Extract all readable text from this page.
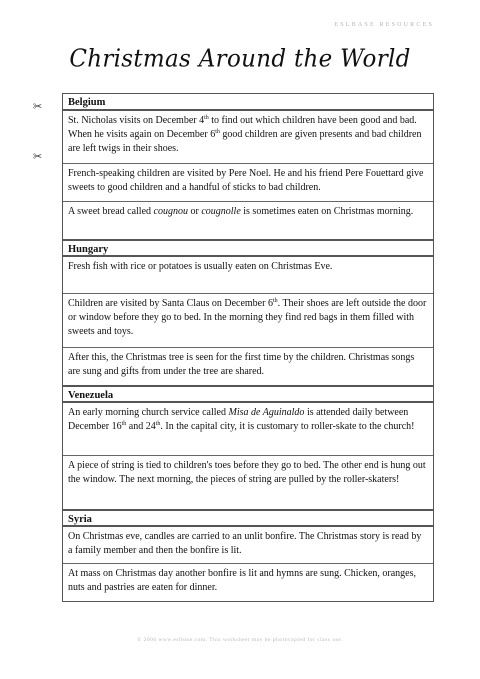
ESLBASE RESOURCES
Christmas Around the World
✂
✂
Belgium
St. Nicholas visits on December 4th to find out which children have been good and bad. When he visits again on December 6th good children are given presents and bad children are left twigs in their shoes.
French-speaking children are visited by Pere Noel. He and his friend Pere Fouettard give sweets to good children and a handful of sticks to bad children.
A sweet bread called cougnou or cougnolle is sometimes eaten on Christmas morning.
Hungary
Fresh fish with rice or potatoes is usually eaten on Christmas Eve.
Children are visited by Santa Claus on December 6th. Their shoes are left outside the door or window before they go to bed. In the morning they find red bags in them filled with sweets and toys.
After this, the Christmas tree is seen for the first time by the children. Christmas songs are sung and gifts from under the tree are shared.
Venezuela
An early morning church service called Misa de Aguinaldo is attended daily between December 16th and 24th. In the capital city, it is customary to roller-skate to the church!
A piece of string is tied to children's toes before they go to bed. The other end is hung out the window. The next morning, the pieces of string are pulled by the roller-skaters!
Syria
On Christmas eve, candles are carried to an unlit bonfire. The Christmas story is read by a family member and then the bonfire is lit.
At mass on Christmas day another bonfire is lit and hymns are sung. Chicken, oranges, nuts and pastries are eaten for dinner.
© 2006 www.eslbase.com. This worksheet may be photocopied for class use.
